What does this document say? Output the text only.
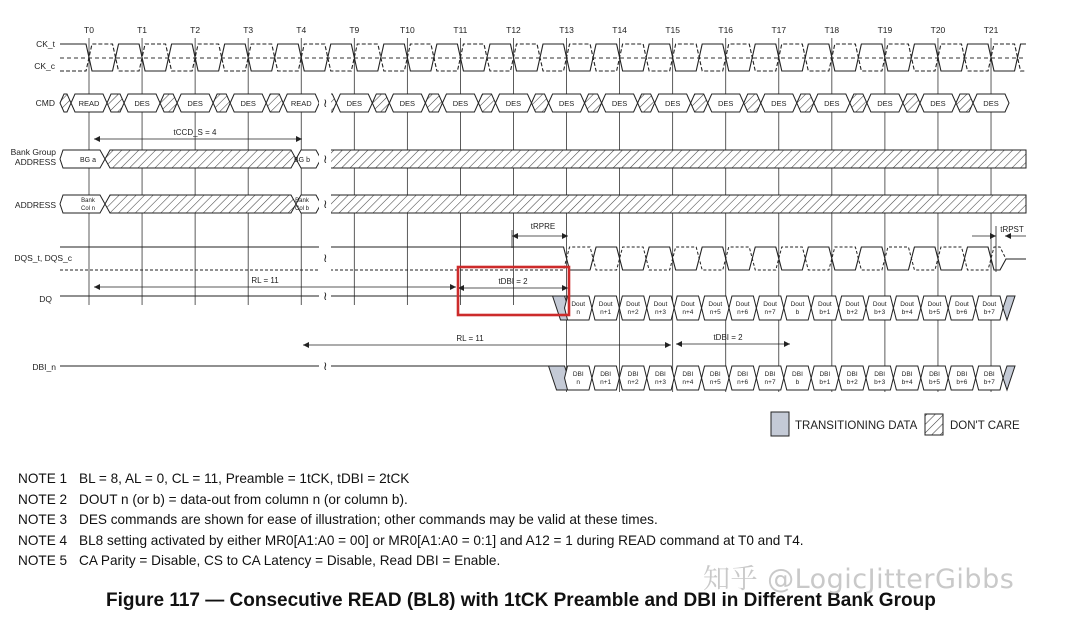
T0	T1	T2	T3	T4	T9	T10	T11	T12	T13	T14	T15	T16	T17	T18	T19	T20	T21
CK_t
CK_c
CMD
Bank Group
ADDRESS
ADDRESS
DQS_t, DQS_c
DQ
DBI_n
READ	DES	DES	DES	READ	DES	DES	DES	DES	DES	DES	DES	DES	DES	DES	DES	DES	DES
≀
≀
BG a	BG b
≀
Bank
Col n
Bank
Col b
≀
≀
Dout
n
Dout
n+1
Dout
n+2
Dout
n+3
Dout
n+4
Dout
n+5
Dout
n+6
Dout
n+7
Dout
b
Dout
b+1
Dout
b+2
Dout
b+3
Dout
b+4
Dout
b+5
Dout
b+6
Dout
b+7
≀
DBI
n
DBI
n+1
DBI
n+2
DBI
n+3
DBI
n+4
DBI
n+5
DBI
n+6
DBI
n+7
DBI
b
DBI
b+1
DBI
b+2
DBI
b+3
DBI
b+4
DBI
b+5
DBI
b+6
DBI
b+7
tCCD_S = 4
RL = 11
RL = 11
tDBI = 2
tDBI = 2
tRPRE	tRPST
TRANSITIONING DATA	DON'T CARE
NOTE 1 BL = 8, AL = 0, CL = 11, Preamble = 1tCK, tDBI = 2tCK
NOTE 2 DOUT n (or b) = data-out from column n (or column b).
NOTE 3 DES commands are shown for ease of illustration; other commands may be valid at these times.
NOTE 4 BL8 setting activated by either MR0[A1:A0 = 00] or MR0[A1:A0 = 0:1] and A12 = 1 during READ command at T0 and T4.
NOTE 5 CA Parity = Disable, CS to CA Latency = Disable, Read DBI = Enable.
Figure 117 — Consecutive READ (BL8) with 1tCK Preamble and DBI in Different Bank Group
知乎 @LogicJitterGibbs
